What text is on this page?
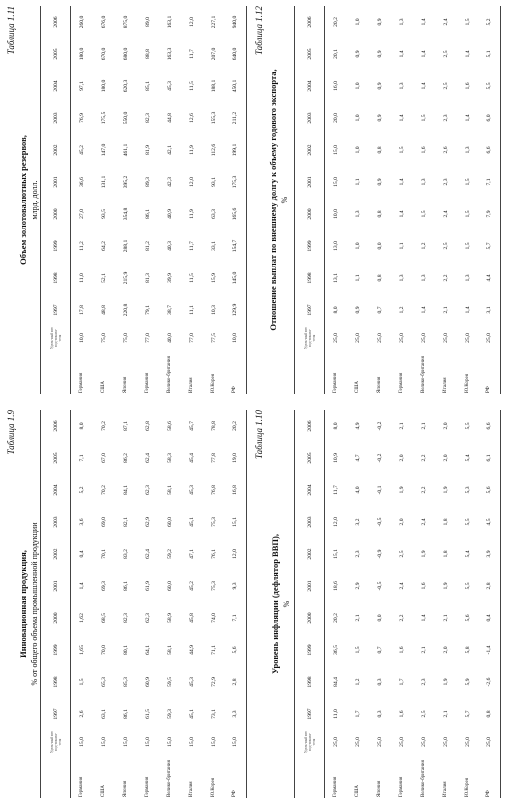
Таблица 1.9
Инновационная продукция, % от общего объема промышленной продукции
	Удель-ный вес под-показа-теля	1997	1998	1999	2000	2001	2002	2003	2004	2005	2006
Германия	15,0	2,6	1,5	1,65	1,62	1,4	0,4	3,6	5,2	7,1	8,0
США	15,0	63,1	65,3	70,0	68,5	69,3	70,1	69,0	70,2	67,0	70,2
Япония	15,0	86,1	85,3	80,1	82,3	86,1	83,2	82,1	84,1	86,2	87,1
Германия	15,0	61,5	60,9	64,1	62,3	61,9	62,4	62,9	62,3	62,4	62,8
Велико-британия	15,0	59,3	59,5	58,1	58,9	60,0	59,2	60,0	58,1	58,3	58,6
Италия	15,0	45,1	45,3	44,9	45,8	45,2	47,1	45,1	45,3	45,4	45,7
Ю.Корея	15,0	73,1	72,9	71,1	74,0	75,3	76,1	75,3	76,8	77,8	78,8
РФ	15,0	3,3	2,8	5,6	7,1	9,3	12,0	15,1	16,8	19,0	20,2 Таблица 1.10
Уровень инфляции (дефлятор ВВП), %
	Удель-ный вес под-показа-теля	1997	1998	1999	2000	2001	2002	2003	2004	2005	2006
Германия	25,0	11,0	84,4	36,5	20,2	18,6	15,1	12,0	11,7	10,9	8,0
США	25,0	1,7	1,2	1,5	2,1	2,9	2,3	3,2	4,0	4,7	4,9
Япония	25,0	0,3	0,3	0,7	0,0	-0,5	-0,9	-0,5	-0,1	-0,2	-0,2
Германия	25,0	1,6	1,7	1,6	2,2	2,4	2,5	2,0	1,9	2,0	2,1
Велико-британия	25,0	2,5	2,3	2,1	1,4	1,6	1,9	2,4	2,2	2,2	2,1
Италия	25,0	2,1	1,9	2,0	2,1	1,9	1,8	1,8	1,9	2,0	2,0
Ю.Корея	25,0	5,7	5,9	5,8	5,6	5,5	5,4	5,5	5,3	5,4	5,5
РФ	25,0	0,8	-2,6	-1,4	0,4	2,8	3,9	4,5	5,6	6,1	6,6
Таблица 1.11
Объем золотовалютных резервов, млрд. долл.
	Удель-ный вес под-показа-теля	1997	1998	1999	2000	2001	2002	2003	2004	2005	2006
Германия	10,0	17,8	11,0	11,2	27,0	36,6	45,2	76,9	97,1	180,0	260,0
США	75,0	48,8	52,1	64,2	93,5	131,1	147,0	175,5	180,0	670,0	676,0
Япония	75,0	220,8	215,9	288,1	354,8	395,2	461,1	550,0	620,3	680,0	875,0
Германия	77,0	79,1	81,3	81,2	86,1	89,3	81,9	82,3	85,1	88,8	89,0
Велико-британия	40,0	38,7	39,9	40,3	40,9	42,3	42,1	44,8	45,3	163,3	163,1
Италия	77,0	11,1	11,5	11,7	11,9	12,0	11,9	12,6	11,5	11,7	12,0
Ю.Корея	77,5	10,3	15,9	33,1	63,3	93,1	112,6	155,3	188,1	207,0	227,1
РФ	10,0	129,9	145,0	154,7	165,6	175,3	199,1	211,2	450,1	640,0	940,0 Таблица 1.12
Отношение выплат по внешнему долгу к объему годового экспорта, %
	Удель-ный вес под-показа-теля	1997	1998	1999	2000	2001	2002	2003	2004	2005	2006
Германия	25,0	8,0	13,1	13,0	10,0	15,0	15,0	20,0	16,0	20,1	20,2
США	25,0	0,9	1,1	1,0	1,3	1,1	1,0	1,0	1,0	0,9	1,0
Япония	25,0	0,7	0,8	0,0	0,8	0,9	0,8	0,9	0,9	0,9	0,9
Германия	25,0	1,2	1,3	1,1	1,4	1,4	1,5	1,4	1,3	1,4	1,3
Велико-британия	25,0	1,4	1,3	1,2	1,5	1,3	1,6	1,5	1,4	1,4	1,4
Италия	25,0	2,1	2,2	2,5	2,4	2,3	2,6	2,3	2,5	2,5	2,4
Ю.Корея	25,0	1,4	1,3	1,5	1,5	1,5	1,3	1,4	1,6	1,4	1,5
РФ	25,0	3,1	4,4	5,7	7,9	7,1	6,6	6,0	5,5	5,1	5,2
